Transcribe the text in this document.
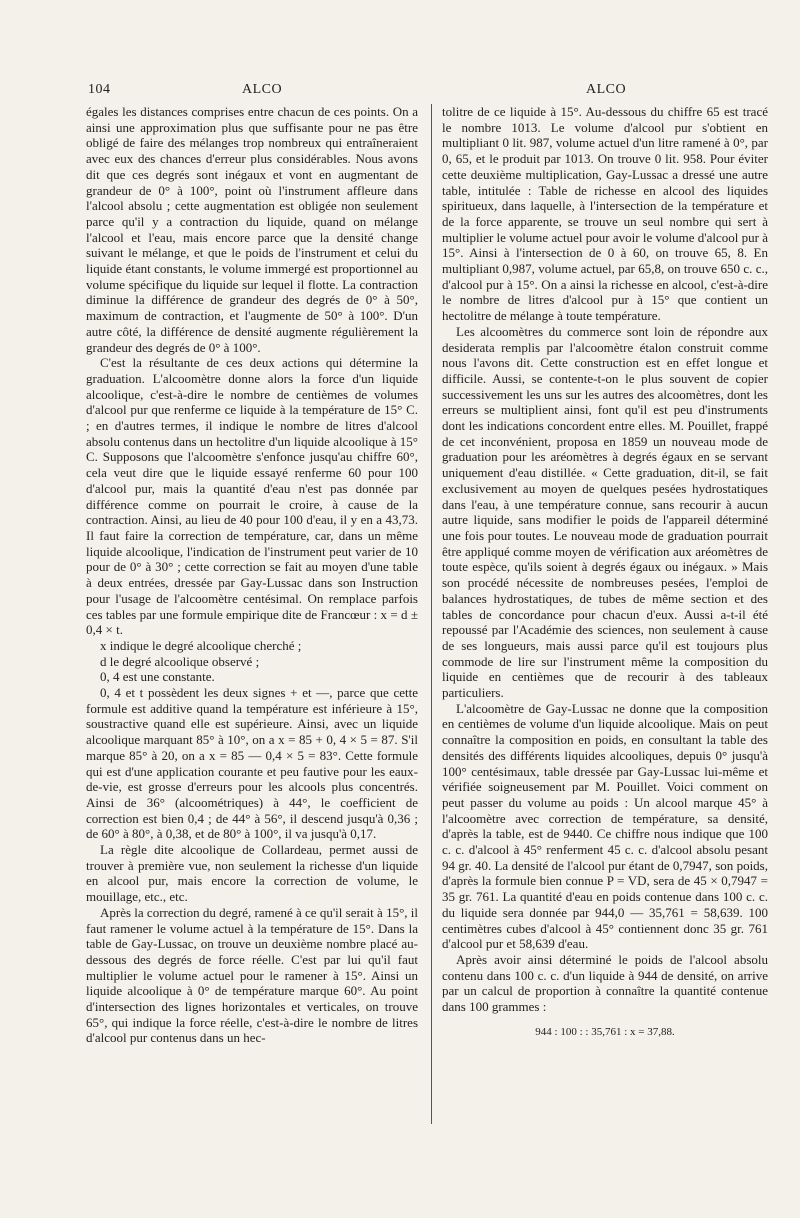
104	ALCO	ALCO

égales les distances comprises entre chacun de ces points. On a ainsi une approximation plus que suffisante pour ne pas être obligé de faire des mélanges trop nombreux qui entraîneraient avec eux des chances d'erreur plus considérables. Nous avons dit que ces degrés sont inégaux et vont en augmentant de grandeur de 0° à 100°, point où l'instrument affleure dans l'alcool absolu ; cette augmentation est obligée non seulement parce qu'il y a contraction du liquide, quand on mélange l'alcool et l'eau, mais encore parce que la densité change suivant le mélange, et que le poids de l'instrument et celui du liquide étant constants, le volume immergé est proportionnel au volume spécifique du liquide sur lequel il flotte. La contraction diminue la différence de grandeur des degrés de 0° à 50°, maximum de contraction, et l'augmente de 50° à 100°. D'un autre côté, la différence de densité augmente régulièrement la grandeur des degrés de 0° à 100°.

C'est la résultante de ces deux actions qui détermine la graduation. L'alcoomètre donne alors la force d'un liquide alcoolique, c'est-à-dire le nombre de centièmes de volumes d'alcool pur que renferme ce liquide à la température de 15° C. ; en d'autres termes, il indique le nombre de litres d'alcool absolu contenus dans un hectolitre d'un liquide alcoolique à 15° C. Supposons que l'alcoomètre s'enfonce jusqu'au chiffre 60°, cela veut dire que le liquide essayé renferme 60 pour 100 d'alcool pur, mais la quantité d'eau n'est pas donnée par différence comme on pourrait le croire, à cause de la contraction. Ainsi, au lieu de 40 pour 100 d'eau, il y en a 43,73. Il faut faire la correction de température, car, dans un même liquide alcoolique, l'indication de l'instrument peut varier de 10 pour de 0° à 30° ; cette correction se fait au moyen d'une table à deux entrées, dressée par Gay-Lussac dans son Instruction pour l'usage de l'alcoomètre centésimal. On remplace parfois ces tables par une formule empirique dite de Francœur : x = d ± 0,4 × t.

x indique le degré alcoolique cherché ;

d le degré alcoolique observé ;

0, 4 est une constante.

0, 4 et t possèdent les deux signes + et —, parce que cette formule est additive quand la température est inférieure à 15°, soustractive quand elle est supérieure. Ainsi, avec un liquide alcoolique marquant 85° à 10°, on a x = 85 + 0, 4 × 5 = 87. S'il marque 85° à 20, on a x = 85 — 0,4 × 5 = 83°. Cette formule qui est d'une application courante et peu fautive pour les eaux-de-vie, est grosse d'erreurs pour les alcools plus concentrés. Ainsi de 36° (alcoométriques) à 44°, le coefficient de correction est bien 0,4 ; de 44° à 56°, il descend jusqu'à 0,36 ; de 60° à 80°, à 0,38, et de 80° à 100°, il va jusqu'à 0,17.

La règle dite alcoolique de Collardeau, permet aussi de trouver à première vue, non seulement la richesse d'un liquide en alcool pur, mais encore la correction de volume, le mouillage, etc., etc.

Après la correction du degré, ramené à ce qu'il serait à 15°, il faut ramener le volume actuel à la température de 15°. Dans la table de Gay-Lussac, on trouve un deuxième nombre placé au-dessous des degrés de force réelle. C'est par lui qu'il faut multiplier le volume actuel pour le ramener à 15°. Ainsi un liquide alcoolique à 0° de température marque 60°. Au point d'intersection des lignes horizontales et verticales, on trouve 65°, qui indique la force réelle, c'est-à-dire le nombre de litres d'alcool pur contenus dans un hec-

tolitre de ce liquide à 15°. Au-dessous du chiffre 65 est tracé le nombre 1013. Le volume d'alcool pur s'obtient en multipliant 0 lit. 987, volume actuel d'un litre ramené à 0°, par 0, 65, et le produit par 1013. On trouve 0 lit. 958. Pour éviter cette deuxième multiplication, Gay-Lussac a dressé une autre table, intitulée : Table de richesse en alcool des liquides spiritueux, dans laquelle, à l'intersection de la température et de la force apparente, se trouve un seul nombre qui sert à multiplier le volume actuel pour avoir le volume d'alcool pur à 15°. Ainsi à l'intersection de 0 à 60, on trouve 65, 8. En multipliant 0,987, volume actuel, par 65,8, on trouve 650 c. c., d'alcool pur à 15°. On a ainsi la richesse en alcool, c'est-à-dire le nombre de litres d'alcool pur à 15° que contient un hectolitre de mélange à toute température.

Les alcoomètres du commerce sont loin de répondre aux desiderata remplis par l'alcoomètre étalon construit comme nous l'avons dit. Cette construction est en effet longue et difficile. Aussi, se contente-t-on le plus souvent de copier successivement les uns sur les autres des alcoomètres, dont les erreurs se multiplient ainsi, font qu'il est peu d'instruments dont les indications concordent entre elles. M. Pouillet, frappé de cet inconvénient, proposa en 1859 un nouveau mode de graduation pour les aréomètres à degrés égaux en se servant uniquement d'eau distillée. « Cette graduation, dit-il, se fait exclusivement au moyen de quelques pesées hydrostatiques dans l'eau, à une température connue, sans recourir à aucun autre liquide, sans modifier le poids de l'appareil déterminé une fois pour toutes. Le nouveau mode de graduation pourrait être appliqué comme moyen de vérification aux aréomètres de toute espèce, qu'ils soient à degrés égaux ou inégaux. » Mais son procédé nécessite de nombreuses pesées, l'emploi de balances hydrostatiques, de tubes de même section et des tables de concordance pour chacun d'eux. Aussi a-t-il été repoussé par l'Académie des sciences, non seulement à cause de ses longueurs, mais aussi parce qu'il est toujours plus commode de lire sur l'instrument même la composition du liquide en centièmes que de recourir à des tableaux particuliers.

L'alcoomètre de Gay-Lussac ne donne que la composition en centièmes de volume d'un liquide alcoolique. Mais on peut connaître la composition en poids, en consultant la table des densités des différents liquides alcooliques, depuis 0° jusqu'à 100° centésimaux, table dressée par Gay-Lussac lui-même et vérifiée soigneusement par M. Pouillet. Voici comment on peut passer du volume au poids : Un alcool marque 45° à l'alcoomètre avec correction de température, sa densité, d'après la table, est de 9440. Ce chiffre nous indique que 100 c. c. d'alcool à 45° renferment 45 c. c. d'alcool absolu pesant 94 gr. 40. La densité de l'alcool pur étant de 0,7947, son poids, d'après la formule bien connue P = VD, sera de 45 × 0,7947 = 35 gr. 761. La quantité d'eau en poids contenue dans 100 c. c. du liquide sera donnée par 944,0 — 35,761 = 58,639. 100 centimètres cubes d'alcool à 45° contiennent donc 35 gr. 761 d'alcool pur et 58,639 d'eau.

Après avoir ainsi déterminé le poids de l'alcool absolu contenu dans 100 c. c. d'un liquide à 944 de densité, on arrive par un calcul de proportion à connaître la quantité contenue dans 100 grammes :

944 : 100 : : 35,761 : x = 37,88.
